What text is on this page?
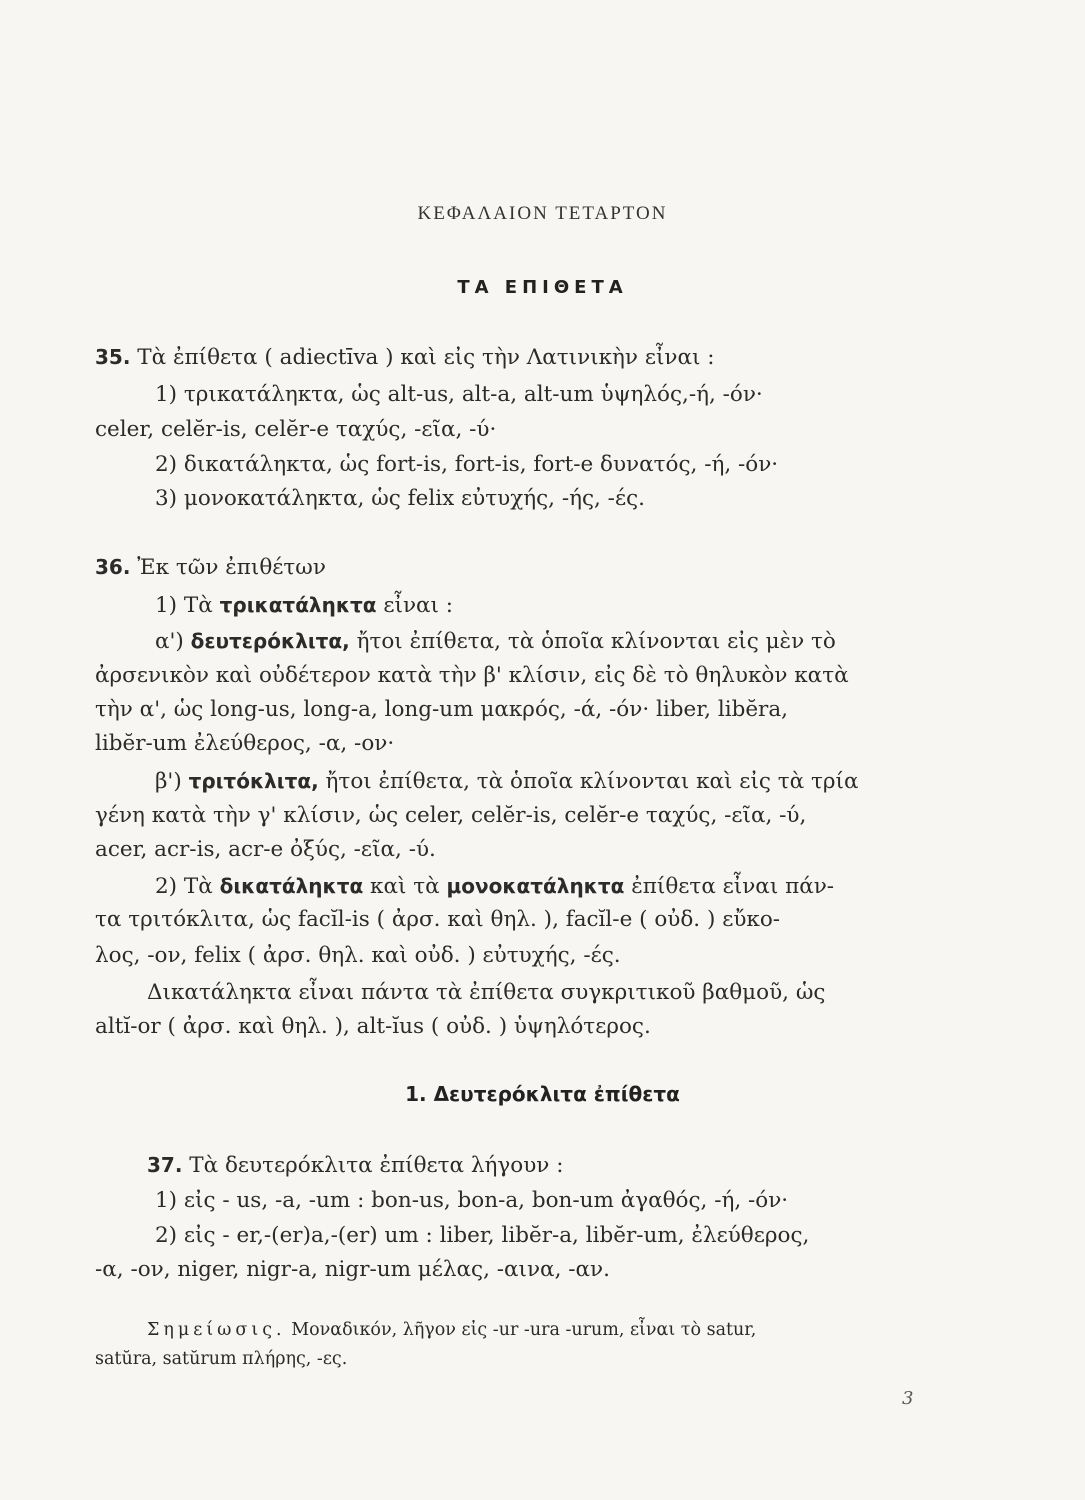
ΚΕΦΑΛΑΙΟΝ ΤΕΤΑΡΤΟΝ
ΤΑ ΕΠΙΘΕΤΑ
35. Τὰ ἐπίθετα ( adiectīva ) καὶ εἰς τὴν Λατινικὴν εἶναι :
1) τρικατάληκτα, ὡς alt-us, alt-a, alt-um ὑψηλός,-ή, -όν·
celer, celĕr-is, celĕr-e ταχύς, -εῖα, -ύ·
2) δικατάληκτα, ὡς fort-is, fort-is, fort-e δυνατός, -ή, -όν·
3) μονοκατάληκτα, ὡς felix εὐτυχής, -ής, -ές.
36. Ἐκ τῶν ἐπιθέτων
1) Τὰ τρικατάληκτα εἶναι :
α') δευτερόκλιτα, ἤτοι ἐπίθετα, τὰ ὁποῖα κλίνονται εἰς μὲν τὸ
ἀρσενικὸν καὶ οὐδέτερον κατὰ τὴν β' κλίσιν, εἰς δὲ τὸ θηλυκὸν κατὰ
τὴν α', ὡς long-us, long-a, long-um μακρός, -ά, -όν· liber, libĕra,
libĕr-um ἐλεύθερος, -α, -ον·
β') τριτόκλιτα, ἤτοι ἐπίθετα, τὰ ὁποῖα κλίνονται καὶ εἰς τὰ τρία
γένη κατὰ τὴν γ' κλίσιν, ὡς celer, celĕr-is, celĕr-e ταχύς, -εῖα, -ύ,
acer, acr-is, acr-e ὀξύς, -εῖα, -ύ.
2) Τὰ δικατάληκτα καὶ τὰ μονοκατάληκτα ἐπίθετα εἶναι πάν-
τα τριτόκλιτα, ὡς facĭl-is ( ἀρσ. καὶ θηλ. ), facĭl-e ( οὐδ. ) εὔκο-
λος, -ον, felix ( ἀρσ. θηλ. καὶ οὐδ. ) εὐτυχής, -ές.
Δικατάληκτα εἶναι πάντα τὰ ἐπίθετα συγκριτικοῦ βαθμοῦ, ὡς
altĭ-or ( ἀρσ. καὶ θηλ. ), alt-ĭus ( οὐδ. ) ὑψηλότερος.
1. Δευτερόκλιτα ἐπίθετα
37. Τὰ δευτερόκλιτα ἐπίθετα λήγουν :
1) εἰς - us, -a, -um : bon-us, bon-a, bon-um ἀγαθός, -ή, -όν·
2) εἰς - er,-(er)a,-(er) um : liber, libĕr-a, libĕr-um, ἐλεύθερος,
-α, -ον, niger, nigr-a, nigr-um μέλας, -αινα, -αν.
Σημείωσις. Μοναδικόν, λῆγον εἰς -ur -ura -urum, εἶναι τὸ satur,
satŭra, satŭrum πλήρης, -ες.
3
